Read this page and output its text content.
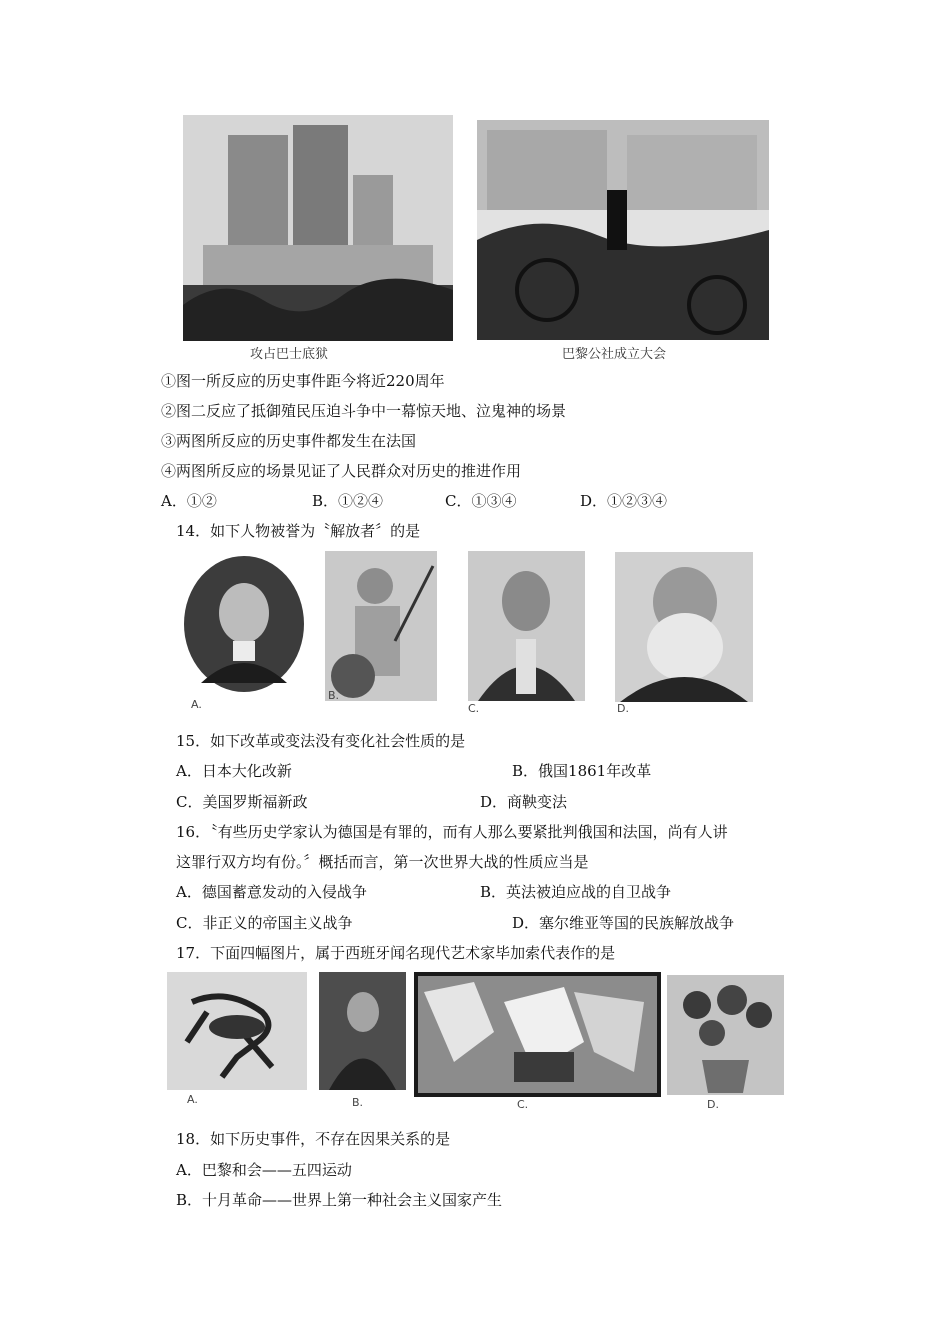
攻占巴士底狱	巴黎公社成立大会
①图一所反应的历史事件距今将近220周年
②图二反应了抵御殖民压迫斗争中一幕惊天地、泣鬼神的场景
③两图所反应的历史事件都发生在法国
④两图所反应的场景见证了人民群众对历史的推进作用
A．①②	B．①②④	C．①③④	D．①②③④
14．如下人物被誉为〝解放者〞的是
A.
B.
C.	D.
15．如下改革或变法没有变化社会性质的是
A．日本大化改新	B．俄国1861年改革
C．美国罗斯福新政	D．商鞅变法
16．〝有些历史学家认为德国是有罪的，而有人那么要紧批判俄国和法国，尚有人讲
这罪行双方均有份。〞概括而言，第一次世界大战的性质应当是
A．德国蓄意发动的入侵战争	B．英法被迫应战的自卫战争
C．非正义的帝国主义战争	D．塞尔维亚等国的民族解放战争
17．下面四幅图片，属于西班牙闻名现代艺术家毕加索代表作的是
A.	B.	C.	D.
18．如下历史事件，不存在因果关系的是
A．巴黎和会——五四运动
B．十月革命——世界上第一种社会主义国家产生
